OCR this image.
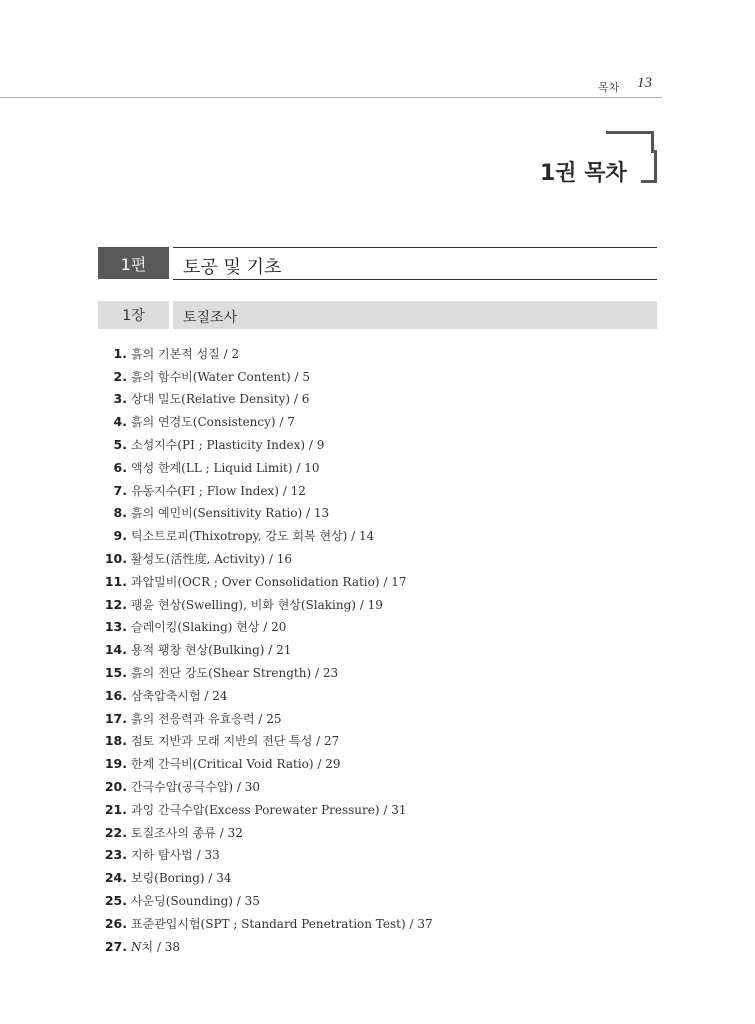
목차 13
1권 목차
1편	토공 및 기초
1장	토질조사
1. 흙의 기본적 성질 / 2
2. 흙의 함수비(Water Content) / 5
3. 상대 밀도(Relative Density) / 6
4. 흙의 연경도(Consistency) / 7
5. 소성지수(PI ; Plasticity Index) / 9
6. 액성 한계(LL ; Liquid Limit) / 10
7. 유동지수(FI ; Flow Index) / 12
8. 흙의 예민비(Sensitivity Ratio) / 13
9. 틱소트로피(Thixotropy, 강도 회복 현상) / 14
10. 활성도(活性度, Activity) / 16
11. 과압밀비(OCR ; Over Consolidation Ratio) / 17
12. 팽윤 현상(Swelling), 비화 현상(Slaking) / 19
13. 슬레이킹(Slaking) 현상 / 20
14. 용적 팽창 현상(Bulking) / 21
15. 흙의 전단 강도(Shear Strength) / 23
16. 삼축압축시험 / 24
17. 흙의 전응력과 유효응력 / 25
18. 점토 지반과 모래 지반의 전단 특성 / 27
19. 한계 간극비(Critical Void Ratio) / 29
20. 간극수압(공극수압) / 30
21. 과잉 간극수압(Excess Porewater Pressure) / 31
22. 토질조사의 종류 / 32
23. 지하 탐사법 / 33
24. 보링(Boring) / 34
25. 사운딩(Sounding) / 35
26. 표준관입시험(SPT ; Standard Penetration Test) / 37
27. N치 / 38
